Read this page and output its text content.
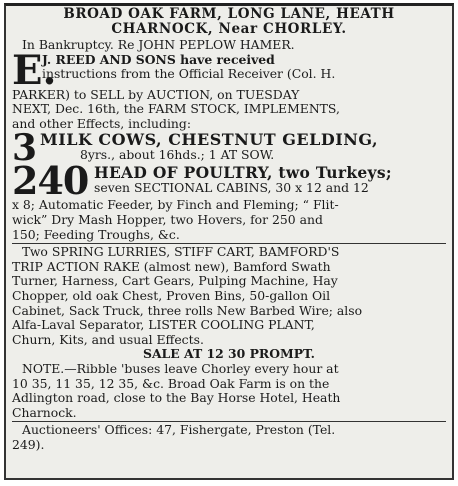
BROAD OAK FARM, LONG LANE, HEATH
CHARNOCK, Near CHORLEY.
In Bankruptcy. Re JOHN PEPLOW HAMER.
E.
J. REED AND SONS have received
instructions from the Official Receiver (Col. H.
PARKER) to SELL by AUCTION, on TUESDAY
NEXT, Dec. 16th, the FARM STOCK, IMPLEMENTS,
and other Effects, including:
3 MILK COWS, CHESTNUT GELDING,
8yrs., about 16hds.; 1 AT SOW.
240 HEAD OF POULTRY, two Turkeys;
seven SECTIONAL CABINS, 30 x 12 and 12
x 8; Automatic Feeder, by Finch and Fleming; “ Flit-
wick” Dry Mash Hopper, two Hovers, for 250 and
150; Feeding Troughs, &c.
Two SPRING LURRIES, STIFF CART, BAMFORD'S
TRIP ACTION RAKE (almost new), Bamford Swath
Turner, Harness, Cart Gears, Pulping Machine, Hay
Chopper, old oak Chest, Proven Bins, 50-gallon Oil
Cabinet, Sack Truck, three rolls New Barbed Wire; also
Alfa-Laval Separator, LISTER COOLING PLANT,
Churn, Kits, and usual Effects.
SALE AT 12 30 PROMPT.
NOTE.—Ribble 'buses leave Chorley every hour at
10 35, 11 35, 12 35, &c. Broad Oak Farm is on the
Adlington road, close to the Bay Horse Hotel, Heath
Charnock.
Auctioneers' Offices: 47, Fishergate, Preston (Tel.
249).
